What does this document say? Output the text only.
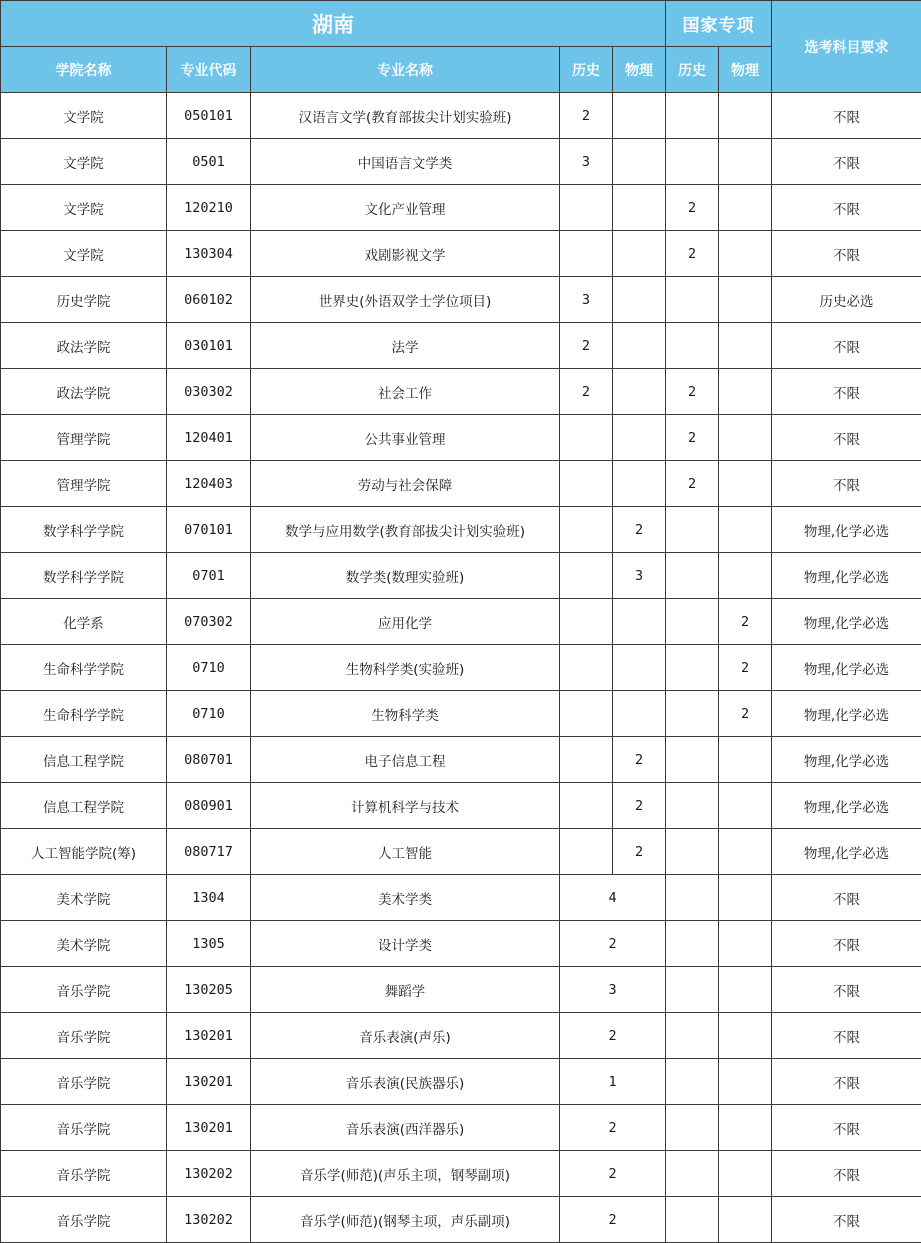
湖南					国家专项		选考科目要求
学院名称	专业代码	专业名称	历史	物理	历史	物理	
文学院	050101	汉语言文学(教育部拔尖计划实验班)	2				不限
文学院	0501	中国语言文学类	3				不限
文学院	120210	文化产业管理			2		不限
文学院	130304	戏剧影视文学			2		不限
历史学院	060102	世界史(外语双学士学位项目)	3				历史必选
政法学院	030101	法学	2				不限
政法学院	030302	社会工作	2		2		不限
管理学院	120401	公共事业管理			2		不限
管理学院	120403	劳动与社会保障			2		不限
数学科学学院	070101	数学与应用数学(教育部拔尖计划实验班)		2			物理,化学必选
数学科学学院	0701	数学类(数理实验班)		3			物理,化学必选
化学系	070302	应用化学				2	物理,化学必选
生命科学学院	0710	生物科学类(实验班)				2	物理,化学必选
生命科学学院	0710	生物科学类				2	物理,化学必选
信息工程学院	080701	电子信息工程		2			物理,化学必选
信息工程学院	080901	计算机科学与技术		2			物理,化学必选
人工智能学院(筹)	080717	人工智能		2			物理,化学必选
美术学院	1304	美术学类	4				不限
美术学院	1305	设计学类	2				不限
音乐学院	130205	舞蹈学	3				不限
音乐学院	130201	音乐表演(声乐)	2				不限
音乐学院	130201	音乐表演(民族器乐)	1				不限
音乐学院	130201	音乐表演(西洋器乐)	2				不限
音乐学院	130202	音乐学(师范)(声乐主项，钢琴副项)	2				不限
音乐学院	130202	音乐学(师范)(钢琴主项，声乐副项)	2				不限
